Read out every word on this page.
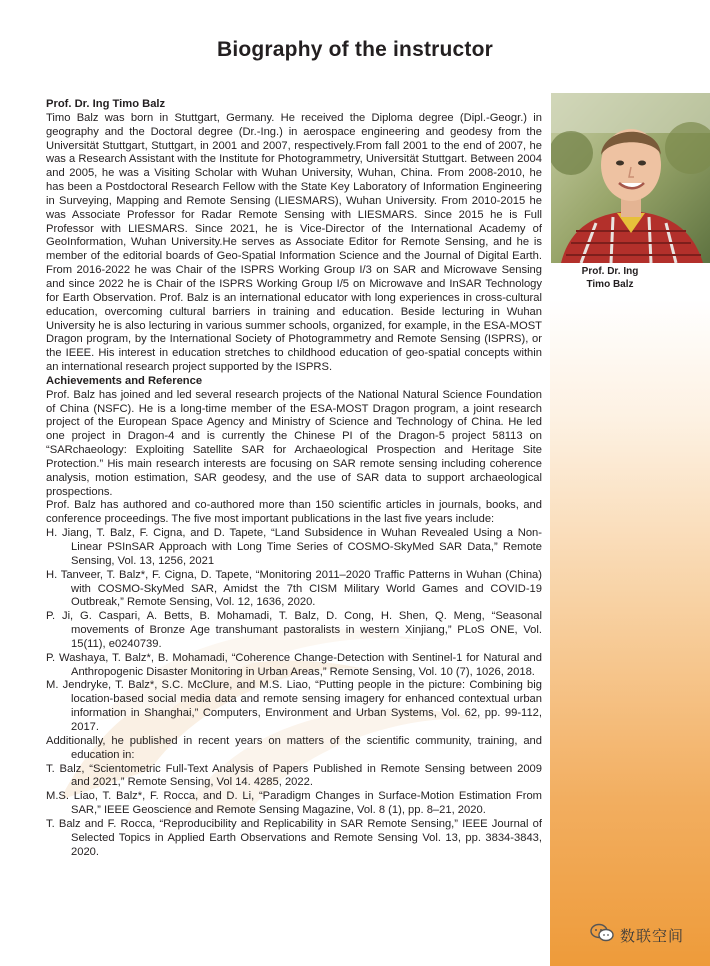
Biography of the instructor
Prof. Dr. Ing
Timo Balz

Prof. Dr. Ing Timo Balz

Timo Balz was born in Stuttgart, Germany. He received the Diploma degree (Dipl.-Geogr.) in geography and the Doctoral degree (Dr.-Ing.) in aerospace engineering and geodesy from the Universität Stuttgart, Stuttgart, in 2001 and 2007, respectively.From fall 2001 to the end of 2007, he was a Research Assistant with the Institute for Photogrammetry, Universität Stuttgart. Between 2004 and 2005, he was a Visiting Scholar with Wuhan University, Wuhan, China. From 2008-2010, he has been a Postdoctoral Research Fellow with the State Key Laboratory of Information Engineering in Surveying, Mapping and Remote Sensing (LIESMARS), Wuhan University. From 2010-2015 he was Associate Professor for Radar Remote Sensing with LIESMARS. Since 2015 he is Full Professor with LIESMARS. Since 2021, he is Vice-Director of the International Academy of GeoInformation, Wuhan University.He serves as Associate Editor for Remote Sensing, and he is member of the editorial boards of Geo-Spatial Information Science and the Journal of Digital Earth. From 2016-2022 he was Chair of the ISPRS Working Group I/3 on SAR and Microwave Sensing and since 2022 he is Chair of the ISPRS Working Group I/5 on Microwave and InSAR Technology for Earth Observation. Prof. Balz is an international educator with long experiences in cross-cultural education, overcoming cultural barriers in training and education. Beside lecturing in Wuhan University he is also lecturing in various summer schools, organized, for example, in the ESA-MOST Dragon program, by the International Society of Photogrammetry and Remote Sensing (ISPRS), or the IEEE. His interest in education stretches to childhood education of geo-spatial concepts within an international research project supported by the ISPRS.

Achievements and Reference

Prof. Balz has joined and led several research projects of the National Natural Science Foundation of China (NSFC). He is a long-time member of the ESA-MOST Dragon program, a joint research project of the European Space Agency and Ministry of Science and Technology of China. He led one project in Dragon-4 and is currently the Chinese PI of the Dragon-5 project 58113 on “SARchaeology: Exploiting Satellite SAR for Archaeological Prospection and Heritage Site Protection.” His main research interests are focusing on SAR remote sensing including coherence analysis, motion estimation, SAR geodesy, and the use of SAR data to support archaeological prospections.

Prof. Balz has authored and co-authored more than 150 scientific articles in journals, books, and conference proceedings. The five most important publications in the last five years include:

H. Jiang, T. Balz, F. Cigna, and D. Tapete, “Land Subsidence in Wuhan Revealed Using a Non-Linear PSInSAR Approach with Long Time Series of COSMO-SkyMed SAR Data,” Remote Sensing, Vol. 13, 1256, 2021

H. Tanveer, T. Balz*, F. Cigna, D. Tapete, “Monitoring 2011–2020 Traffic Patterns in Wuhan (China) with COSMO-SkyMed SAR, Amidst the 7th CISM Military World Games and COVID-19 Outbreak,” Remote Sensing, Vol. 12, 1636, 2020.

P. Ji, G. Caspari, A. Betts, B. Mohamadi, T. Balz, D. Cong, H. Shen, Q. Meng, “Seasonal movements of Bronze Age transhumant pastoralists in western Xinjiang,” PLoS ONE, Vol. 15(11), e0240739.

P. Washaya, T. Balz*, B. Mohamadi, “Coherence Change-Detection with Sentinel-1 for Natural and Anthropogenic Disaster Monitoring in Urban Areas,” Remote Sensing, Vol. 10 (7), 1026, 2018.

M. Jendryke, T. Balz*, S.C. McClure, and M.S. Liao, “Putting people in the picture: Combining big location-based social media data and remote sensing imagery for enhanced contextual urban information in Shanghai,” Computers, Environment and Urban Systems, Vol. 62, pp. 99-112, 2017.

Additionally, he published in recent years on matters of the scientific community, training, and education in:

T. Balz, “Scientometric Full-Text Analysis of Papers Published in Remote Sensing between 2009 and 2021,” Remote Sensing, Vol 14. 4285, 2022.

M.S. Liao, T. Balz*, F. Rocca, and D. Li, “Paradigm Changes in Surface-Motion Estimation From SAR,” IEEE Geoscience and Remote Sensing Magazine, Vol. 8 (1), pp. 8–21, 2020.

T. Balz and F. Rocca, “Reproducibility and Replicability in SAR Remote Sensing,” IEEE Journal of Selected Topics in Applied Earth Observations and Remote Sensing Vol. 13, pp. 3834-3843, 2020.

数联空间
